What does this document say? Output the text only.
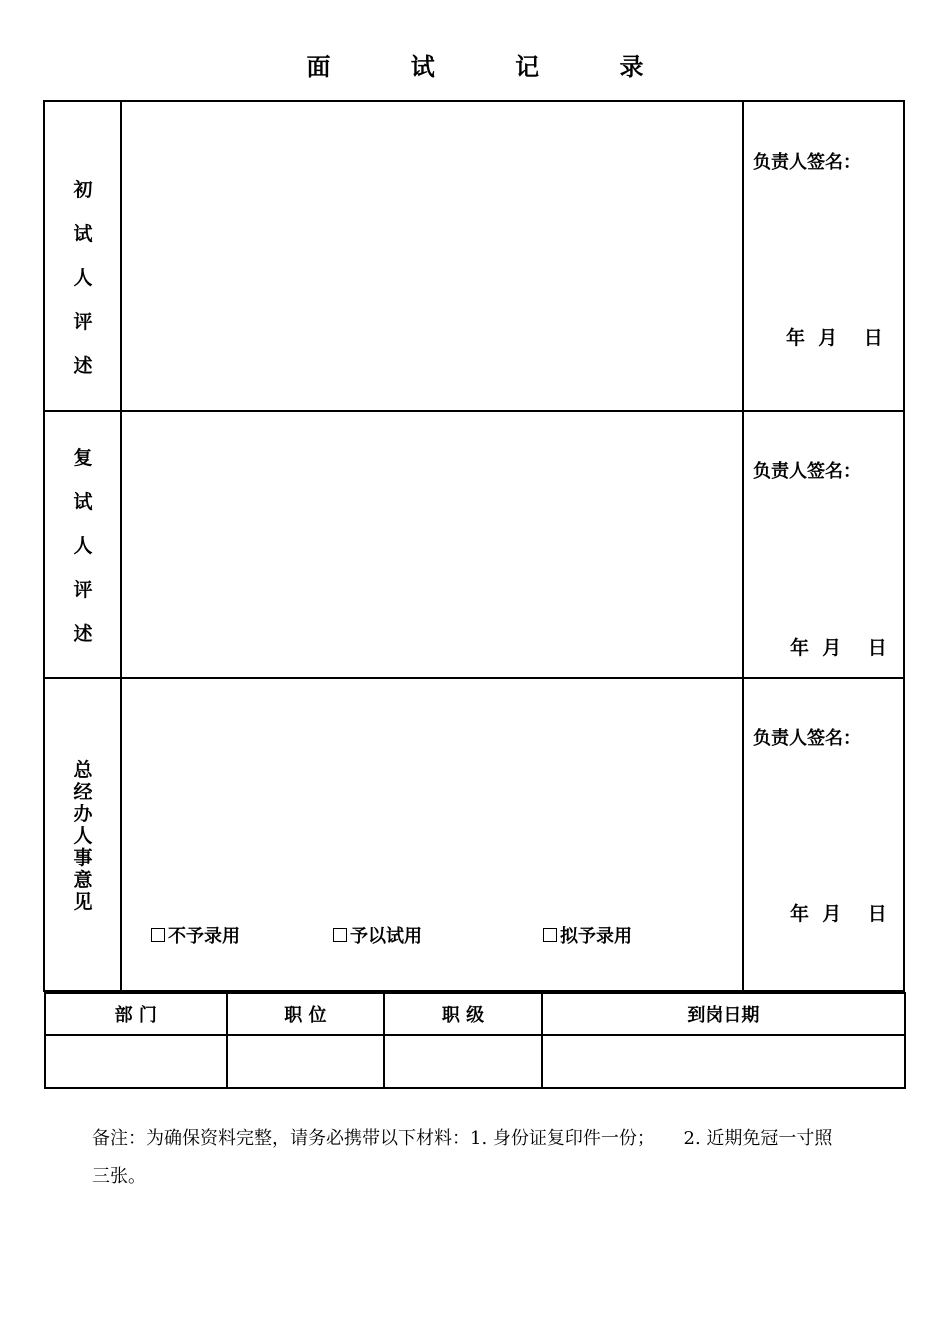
面 试 记 录
初
试
人
评
述
负责人签名：
年  月    日
复
试
人
评
述
负责人签名：
年  月    日
总
经
办
人
事
意
见
负责人签名：
年  月    日
不予录用	予以试用	拟予录用
部 门	职 位	职 级	到岗日期

备注：为确保资料完整，请务必携带以下材料：1. 身份证复印件一份；     2. 近期免冠一寸照
三张。
